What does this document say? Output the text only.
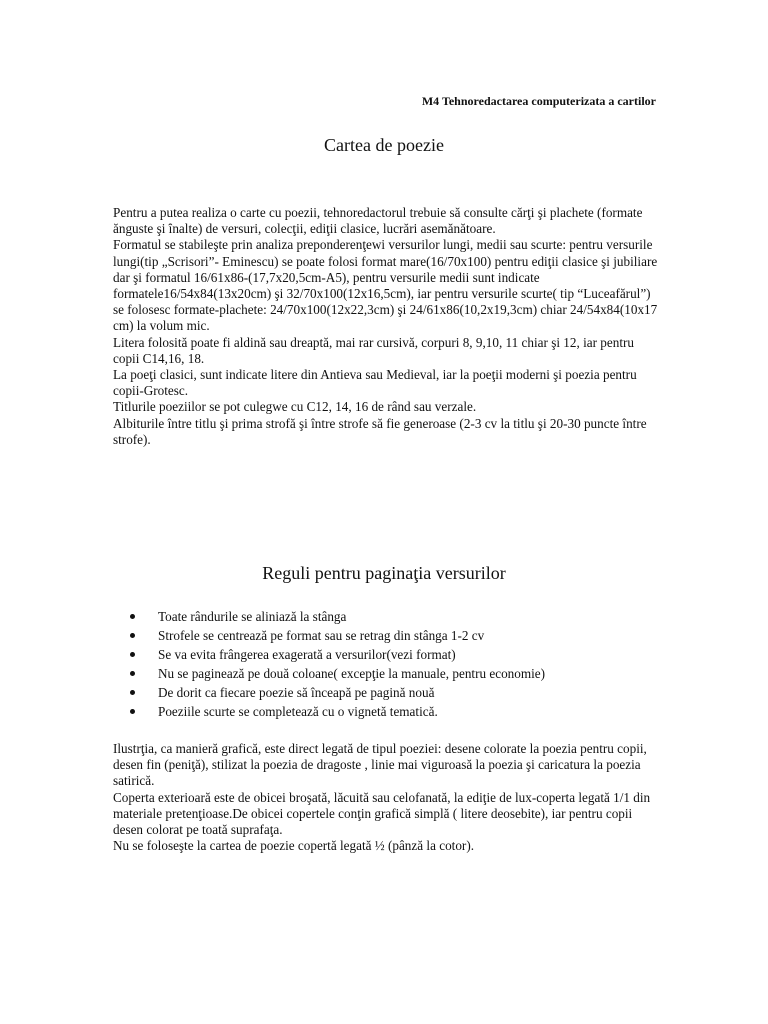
M4 Tehnoredactarea computerizata a cartilor
Cartea de poezie

Pentru a putea realiza o carte cu poezii, tehnoredactorul trebuie să consulte cărţi şi plachete (formate ănguste şi ȋnalte) de versuri, colecţii, ediţii clasice, lucrări asemănătoare.

Formatul se stabileşte prin analiza preponderenţewi versurilor lungi, medii sau scurte: pentru versurile lungi(tip „Scrisori”- Eminescu) se poate folosi format mare(16/70x100) pentru ediţii clasice şi jubiliare dar şi formatul 16/61x86-(17,7x20,5cm-A5), pentru versurile medii sunt indicate formatele16/54x84(13x20cm) şi 32/70x100(12x16,5cm), iar pentru versurile scurte( tip “Luceafărul”) se folosesc formate-plachete: 24/70x100(12x22,3cm) şi 24/61x86(10,2x19,3cm) chiar 24/54x84(10x17 cm) la volum mic.

Litera folosită poate fi aldină sau dreaptă, mai rar cursivă, corpuri 8, 9,10, 11 chiar şi 12, iar pentru copii C14,16, 18.

La poeţi clasici, sunt indicate litere din Antieva sau Medieval, iar la poeţii moderni şi poezia pentru copii-Grotesc.

Titlurile poeziilor se pot culegwe cu C12, 14, 16 de rând sau verzale.

Albiturile între titlu şi prima strofă şi între strofe să fie generoase (2-3 cv la titlu şi 20-30 puncte între strofe).

Reguli pentru paginaţia versurilor
Toate rândurile se aliniază la stânga
Strofele se centrează pe format sau se retrag din stânga 1-2 cv
Se va evita frângerea exagerată a versurilor(vezi format)
Nu se paginează pe două coloane( excepţie la manuale, pentru economie)
De dorit ca fiecare poezie să înceapă pe pagină nouă
Poeziile scurte se completează cu o vignetă tematică.

Ilustrţia, ca manieră grafică, este direct legată de tipul poeziei: desene colorate la poezia pentru copii, desen fin (peniţă), stilizat la poezia de dragoste , linie mai viguroasă la poezia şi caricatura la poezia satirică.

Coperta exterioară este de obicei broşată, lăcuită sau celofanată, la ediţie de lux-coperta legată 1/1 din materiale pretenţioase.De obicei copertele conţin grafică simplă ( litere deosebite), iar pentru copii desen colorat pe toată suprafaţa.

Nu se foloseşte la cartea de poezie copertă legată ½ (pânză la cotor).
